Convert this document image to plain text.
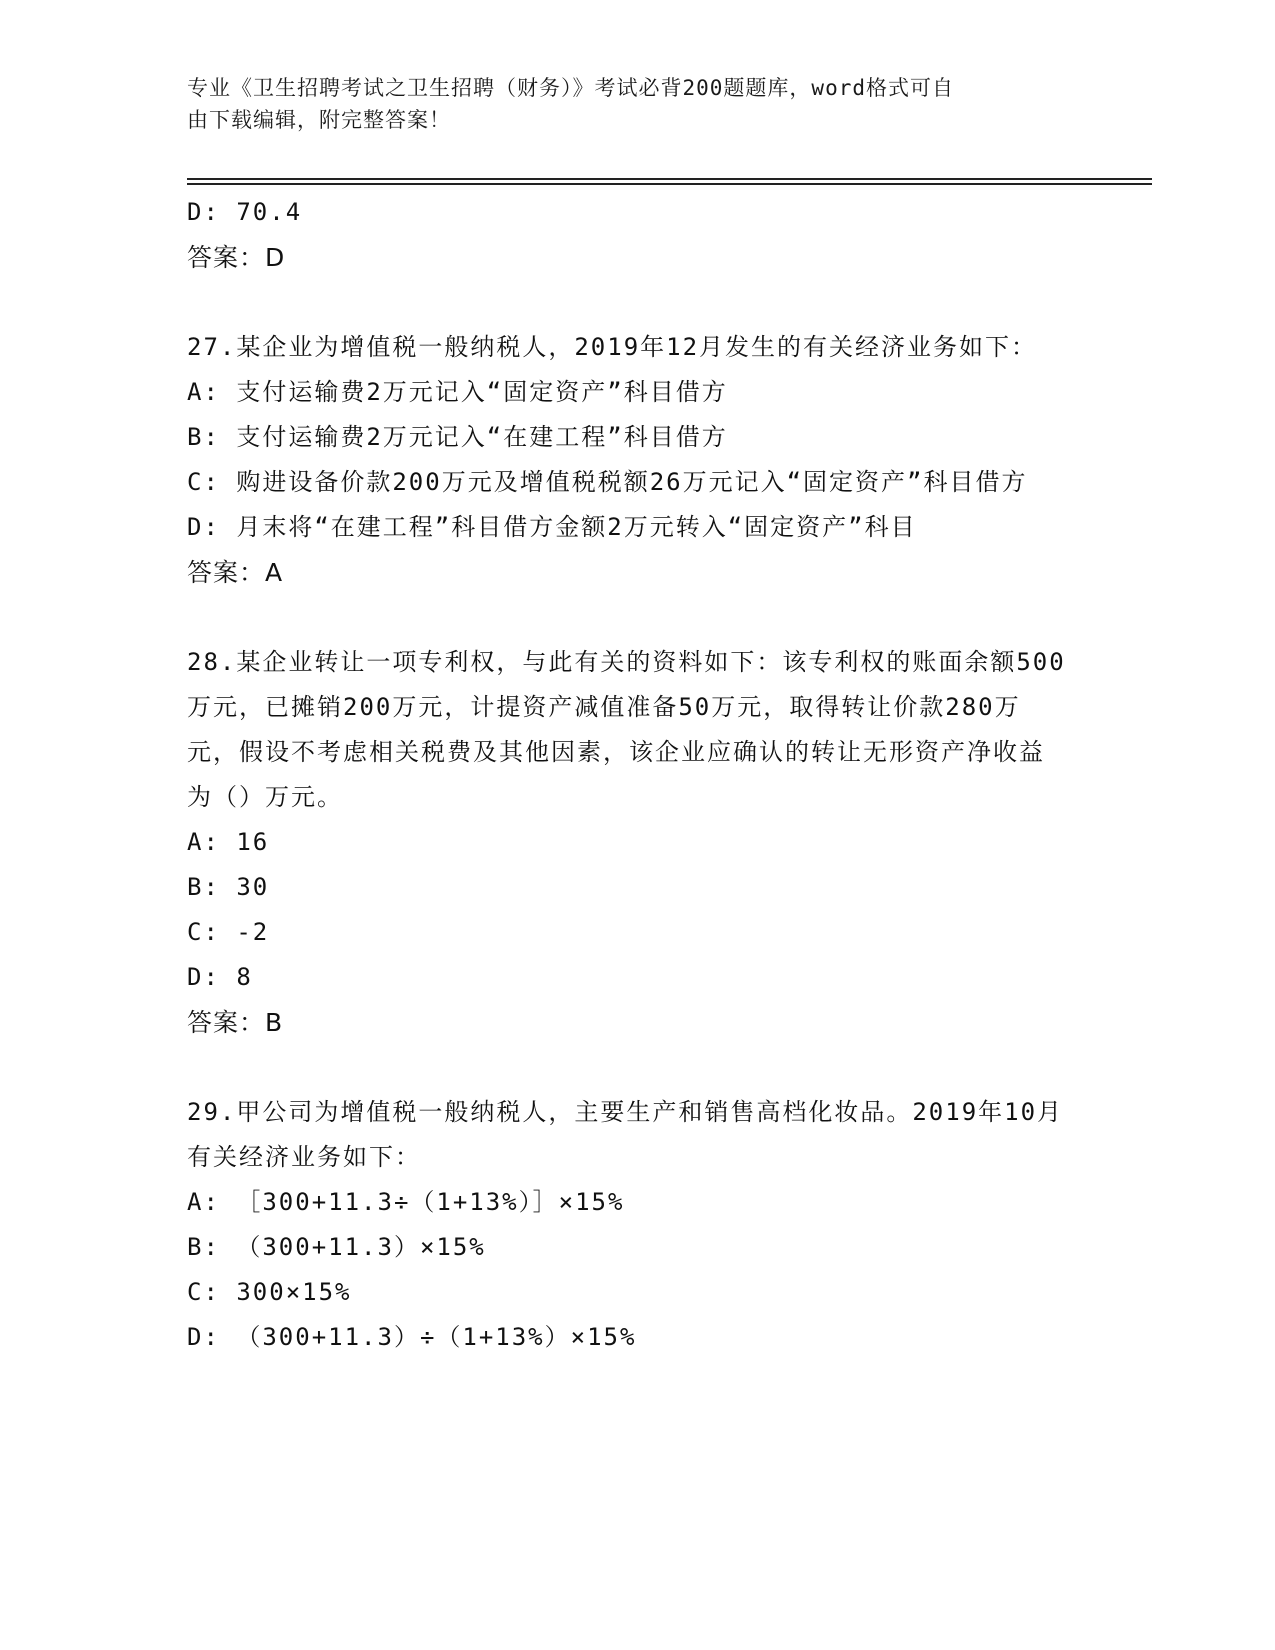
专业《卫生招聘考试之卫生招聘（财务）》考试必背200题题库，word格式可自
由下载编辑，附完整答案！
D: 70.4
答案：D
27.某企业为增值税一般纳税人，2019年12月发生的有关经济业务如下：
A: 支付运输费2万元记入“固定资产”科目借方
B: 支付运输费2万元记入“在建工程”科目借方
C: 购进设备价款200万元及增值税税额26万元记入“固定资产”科目借方
D: 月末将“在建工程”科目借方金额2万元转入“固定资产”科目
答案：A
28.某企业转让一项专利权，与此有关的资料如下：该专利权的账面余额500万元，已摊销200万元，计提资产减值准备50万元，取得转让价款280万元，假设不考虑相关税费及其他因素，该企业应确认的转让无形资产净收益为（）万元。
A: 16
B: 30
C: -2
D: 8
答案：B
29.甲公司为增值税一般纳税人，主要生产和销售高档化妆品。2019年10月有关经济业务如下：
A: ［300+11.3÷（1+13%）］×15%
B: （300+11.3）×15%
C: 300×15%
D: （300+11.3）÷（1+13%）×15%
